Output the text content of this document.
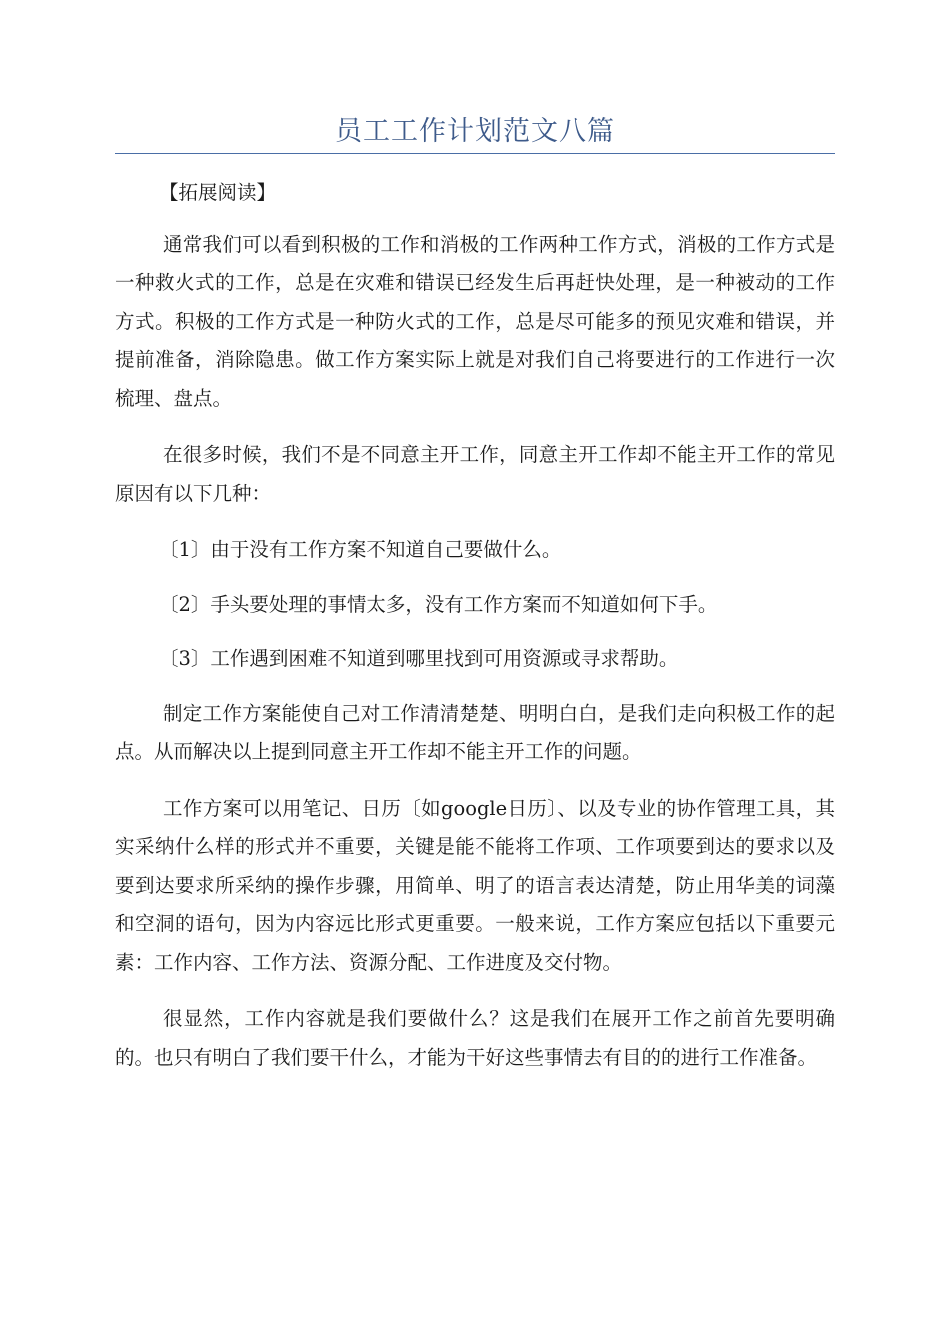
员工工作计划范文八篇

【拓展阅读】

通常我们可以看到积极的工作和消极的工作两种工作方式，消极的工作方式是一种救火式的工作，总是在灾难和错误已经发生后再赶快处理，是一种被动的工作方式。积极的工作方式是一种防火式的工作，总是尽可能多的预见灾难和错误，并提前准备，消除隐患。做工作方案实际上就是对我们自己将要进行的工作进行一次梳理、盘点。

在很多时候，我们不是不同意主开工作，同意主开工作却不能主开工作的常见原因有以下几种：

〔1〕由于没有工作方案不知道自己要做什么。

〔2〕手头要处理的事情太多，没有工作方案而不知道如何下手。

〔3〕工作遇到困难不知道到哪里找到可用资源或寻求帮助。

制定工作方案能使自己对工作清清楚楚、明明白白，是我们走向积极工作的起点。从而解决以上提到同意主开工作却不能主开工作的问题。

工作方案可以用笔记、日历〔如google日历〕、以及专业的协作管理工具，其实采纳什么样的形式并不重要，关键是能不能将工作项、工作项要到达的要求以及要到达要求所采纳的操作步骤，用简单、明了的语言表达清楚，防止用华美的词藻和空洞的语句，因为内容远比形式更重要。一般来说，工作方案应包括以下重要元素：工作内容、工作方法、资源分配、工作进度及交付物。

很显然，工作内容就是我们要做什么？这是我们在展开工作之前首先要明确的。也只有明白了我们要干什么，才能为干好这些事情去有目的的进行工作准备。
